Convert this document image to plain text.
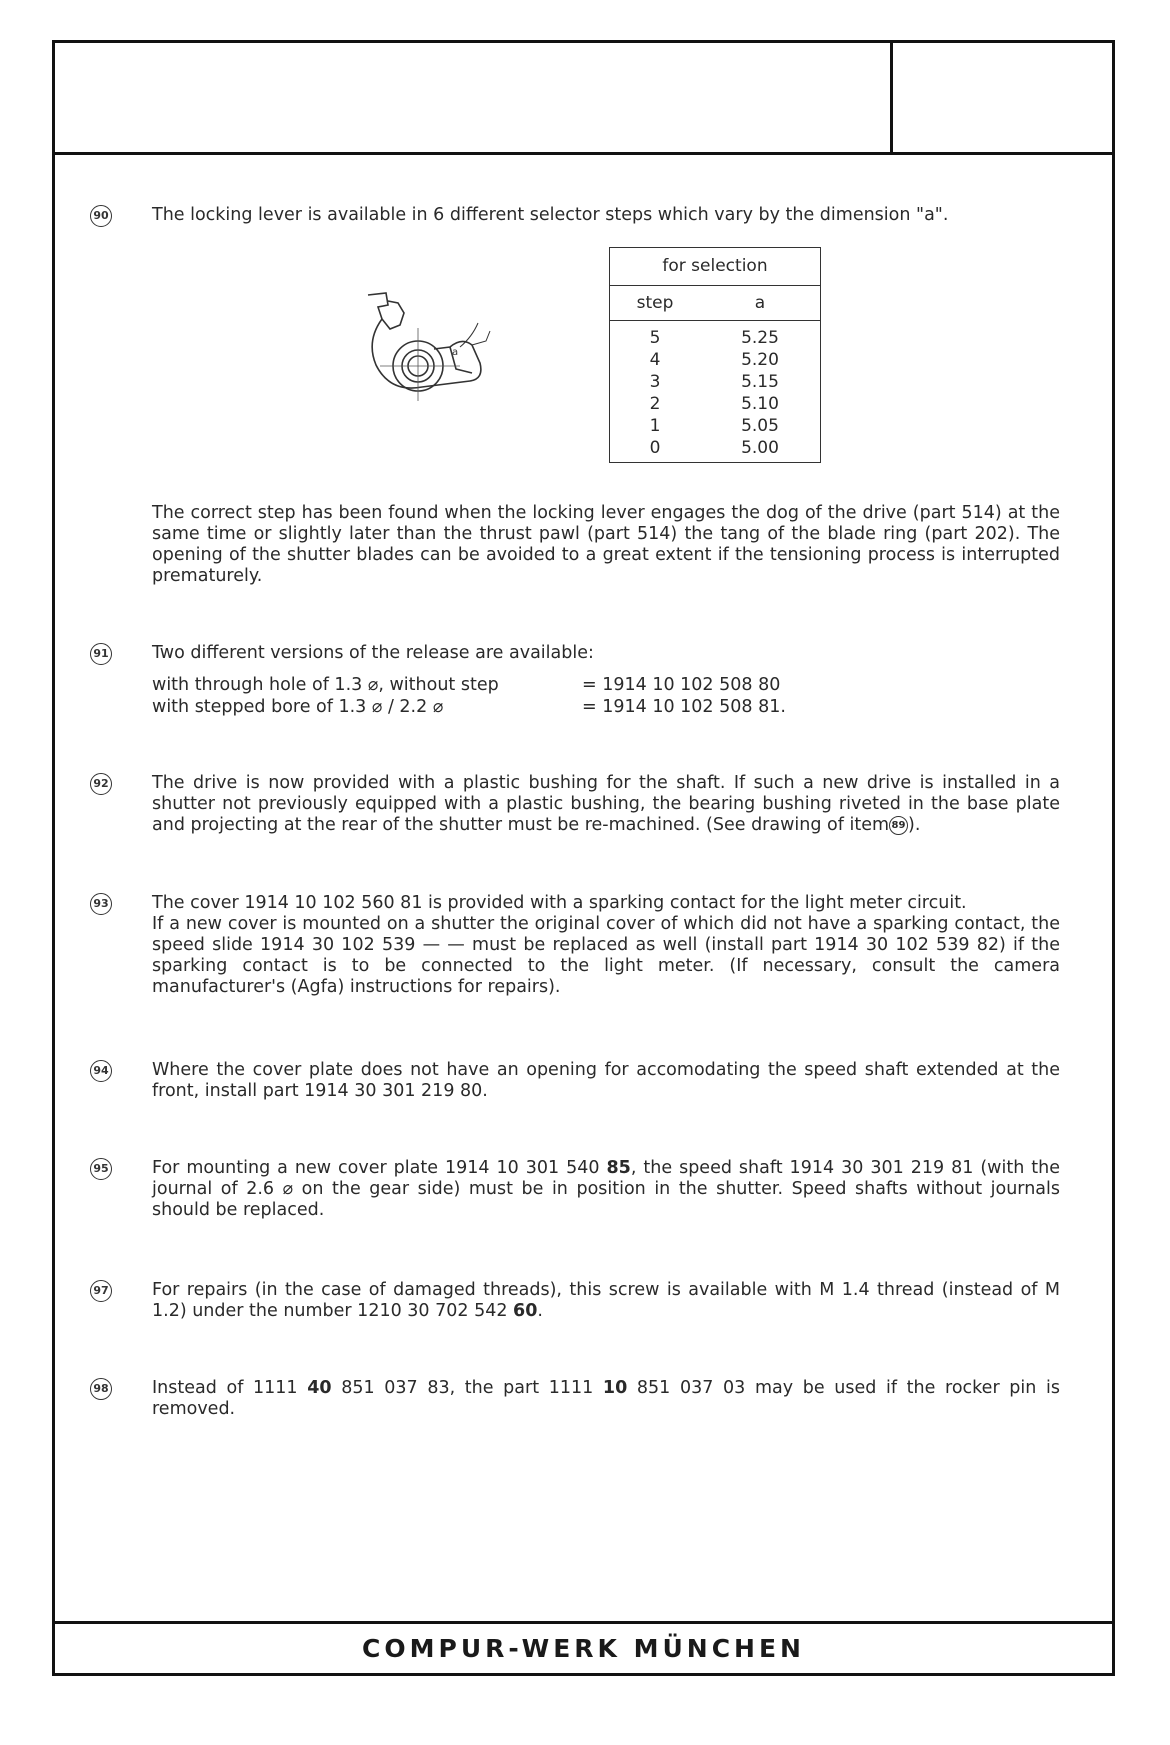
COMPUR-WERK MÜNCHEN
90 The locking lever is available in 6 different selector steps which vary by the dimension "a".
a
for selection
step	a
5	5.25
4	5.20
3	5.15
2	5.10
1	5.05
0	5.00
The correct step has been found when the locking lever engages the dog of the drive (part 514) at the same time or slightly later than the thrust pawl (part 514) the tang of the blade ring (part 202). The opening of the shutter blades can be avoided to a great extent if the tensioning process is interrupted prematurely.
91 Two different versions of the release are available:
with through hole of 1.3 ⌀, without step	= 1914 10 102 508 80
with stepped bore of 1.3 ⌀ / 2.2 ⌀	= 1914 10 102 508 81.
92 The drive is now provided with a plastic bushing for the shaft. If such a new drive is installed in a shutter not previously equipped with a plastic bushing, the bearing bushing riveted in the base plate and projecting at the rear of the shutter must be re-machined. (See drawing of item 89 ).
93 The cover 1914 10 102 560 81 is provided with a sparking contact for the light meter circuit.

If a new cover is mounted on a shutter the original cover of which did not have a sparking contact, the speed slide 1914 30 102 539 — — must be replaced as well (install part 1914 30 102 539 82) if the sparking contact is to be connected to the light meter. (If necessary, consult the camera manufacturer's (Agfa) instructions for repairs).

94 Where the cover plate does not have an opening for accomodating the speed shaft extended at the front, install part 1914 30 301 219 80.
95 For mounting a new cover plate 1914 10 301 540 85, the speed shaft 1914 30 301 219 81 (with the journal of 2.6 ⌀ on the gear side) must be in position in the shutter. Speed shafts without journals should be replaced.
97 For repairs (in the case of damaged threads), this screw is available with M 1.4 thread (instead of M 1.2) under the number 1210 30 702 542 60.
98 Instead of 1111 40 851 037 83, the part 1111 10 851 037 03 may be used if the rocker pin is removed.
